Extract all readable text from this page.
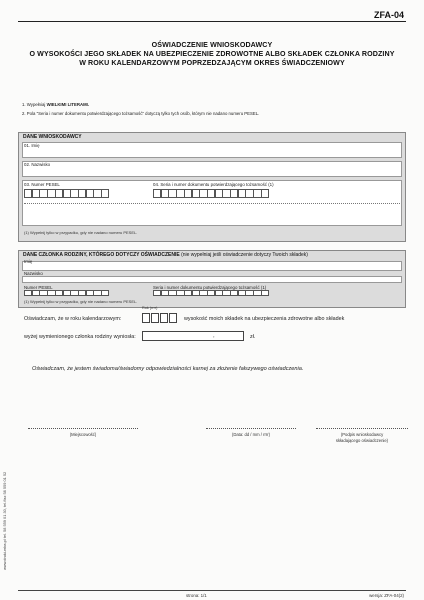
ZFA-04
OŚWIADCZENIE WNIOSKODAWCY
O WYSOKOŚCI JEGO SKŁADEK NA UBEZPIECZENIE ZDROWOTNE ALBO SKŁADEK CZŁONKA RODZINY
W ROKU KALENDARZOWYM POPRZEDZAJĄCYM OKRES ŚWIADCZENIOWY
1. Wypełniaj WIELKIMI LITERAMI.
2. Pola "Seria i numer dokumentu potwierdzającego tożsamość" dotyczą tylko tych osób, którym nie nadano numeru PESEL.
DANE WNIOSKODAWCY
01. Imię
02. Nazwisko
03. Numer PESEL	04. Seria i numer dokumentu potwierdzającego tożsamość (1)
(1) Wypełnij tylko w przypadku, gdy nie nadano numeru PESEL.
DANE CZŁONKA RODZINY, KTÓREGO DOTYCZY OŚWIADCZENIE (nie wypełniaj jeśli oświadczenie dotyczy Twoich składek)
Imię
Nazwisko
Numer PESEL	Seria i numer dokumentu potwierdzającego tożsamość (1)
(1) Wypełnij tylko w przypadku, gdy nie nadano numeru PESEL.
Rok (rrrr)
Oświadczam, że w roku kalendarzowym:	wysokość moich składek na ubezpieczenia zdrowotne albo składek
wyżej wymienionego członka rodziny wyniosła:	,	zł.
Oświadczam, że jestem świadoma/świadomy odpowiedzialności karnej za złożenie fałszywego oświadczenia.
(Miejscowość)	(Data: dd / mm / rrrr)	(Podpis wnioskodawcy
składającego oświadczenie)
www.druki-mba.pl tel. 58 559 01 30, tel./fax 58 559 01 52
strona: 1/1	wersja: ZFA-04(2)
